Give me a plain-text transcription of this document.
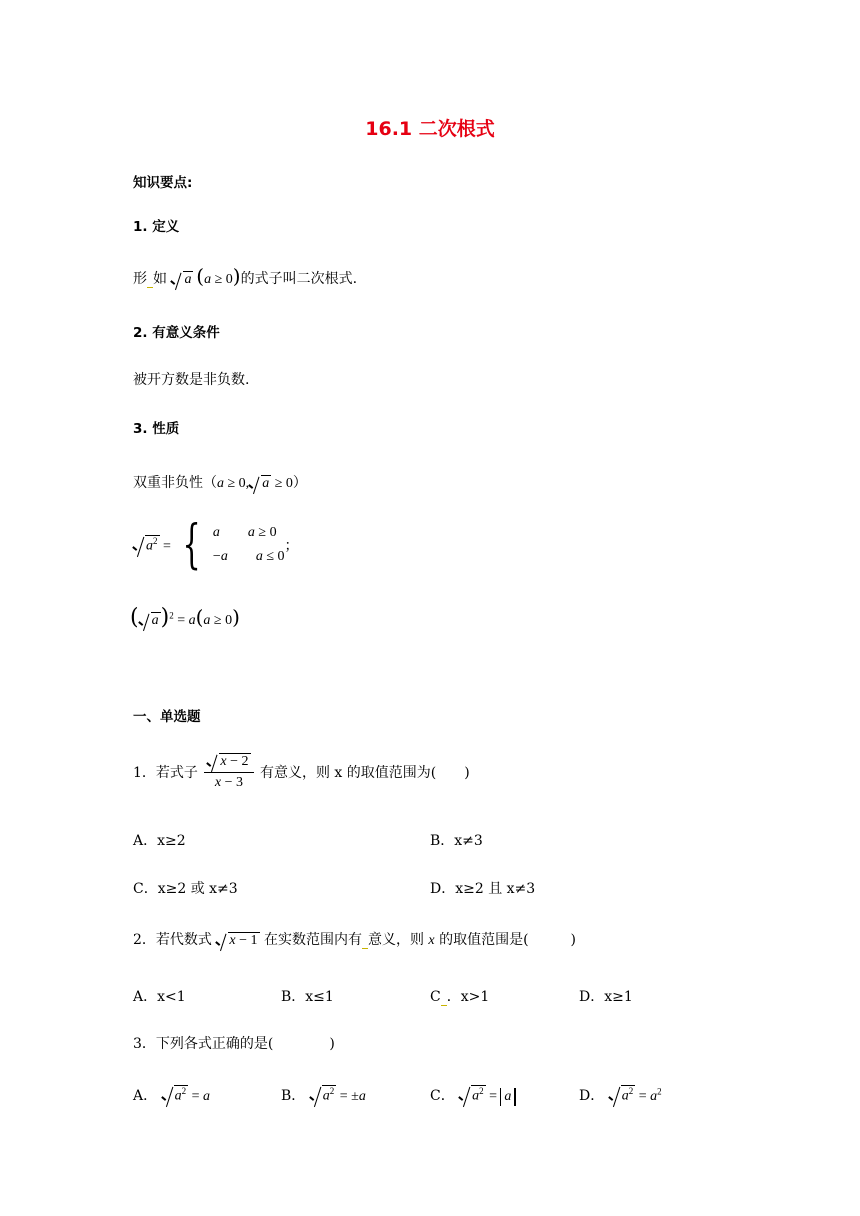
16.1 二次根式
知识要点:
1. 定义
形 如 a  (a ≥ 0)的式子叫二次根式.
2. 有意义条件
被开方数是非负数.
3. 性质
双重非负性（a ≥ 0, a ≥ 0）
$a^2$ = { a  a ≥ 0
−a  a ≤ 0；
( a)$^2$ = a(a ≥ 0)
一、单选题
1．若式子 $\frac{x - 2}{x - 3}$ 有意义，则 x 的取值范围为(　　)
A．x≥2	B．x≠3
C．x≥2 或 x≠3	D．x≥2 且 x≠3
2．若代数式 x − 1 在实数范围内有 意义，则 x 的取值范围是(　　　)
A．x<1	B．x≤1	C ．x>1	D．x≥1
3．下列各式正确的是(　　　　)
A． $a^2 = a$	B． $a^2 = \pm a$	C． $a^2 = a$	D． $a^2 = a^2$
